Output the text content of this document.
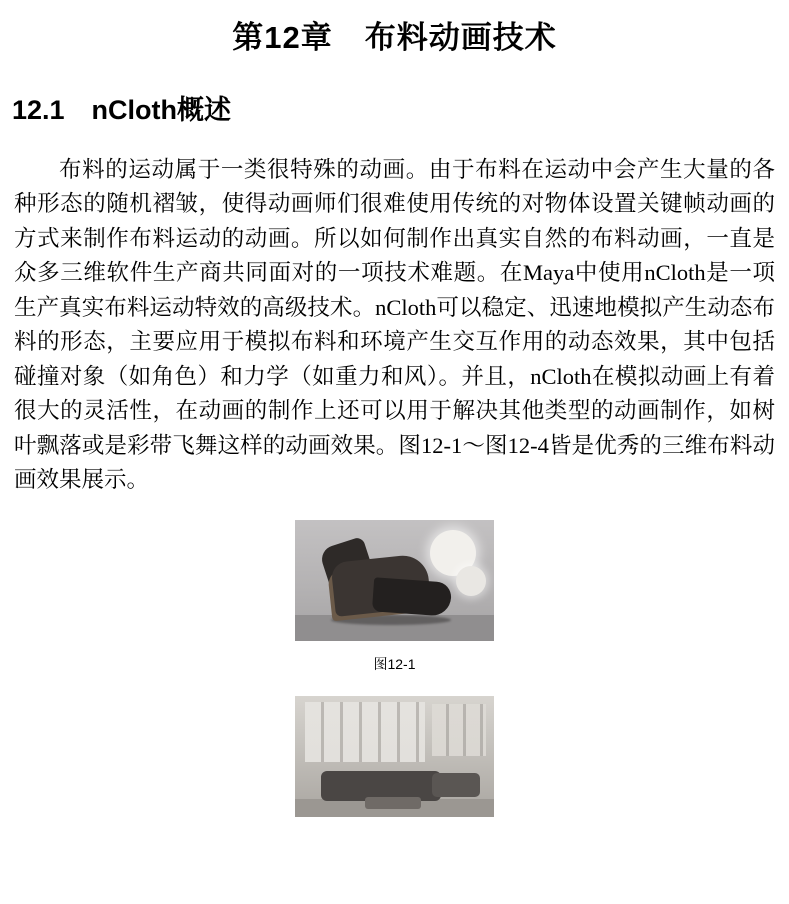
第12章　布料动画技术
12.1　nCloth概述

布料的运动属于一类很特殊的动画。由于布料在运动中会产生大量的各种形态的随机褶皱，使得动画师们很难使用传统的对物体设置关键帧动画的方式来制作布料运动的动画。所以如何制作出真实自然的布料动画，一直是众多三维软件生产商共同面对的一项技术难题。在Maya中使用nCloth是一项生产真实布料运动特效的高级技术。nCloth可以稳定、迅速地模拟产生动态布料的形态，主要应用于模拟布料和环境产生交互作用的动态效果，其中包括碰撞对象（如角色）和力学（如重力和风）。并且，nCloth在模拟动画上有着很大的灵活性，在动画的制作上还可以用于解决其他类型的动画制作，如树叶飘落或是彩带飞舞这样的动画效果。图12-1～图12-4皆是优秀的三维布料动画效果展示。

图12-1
